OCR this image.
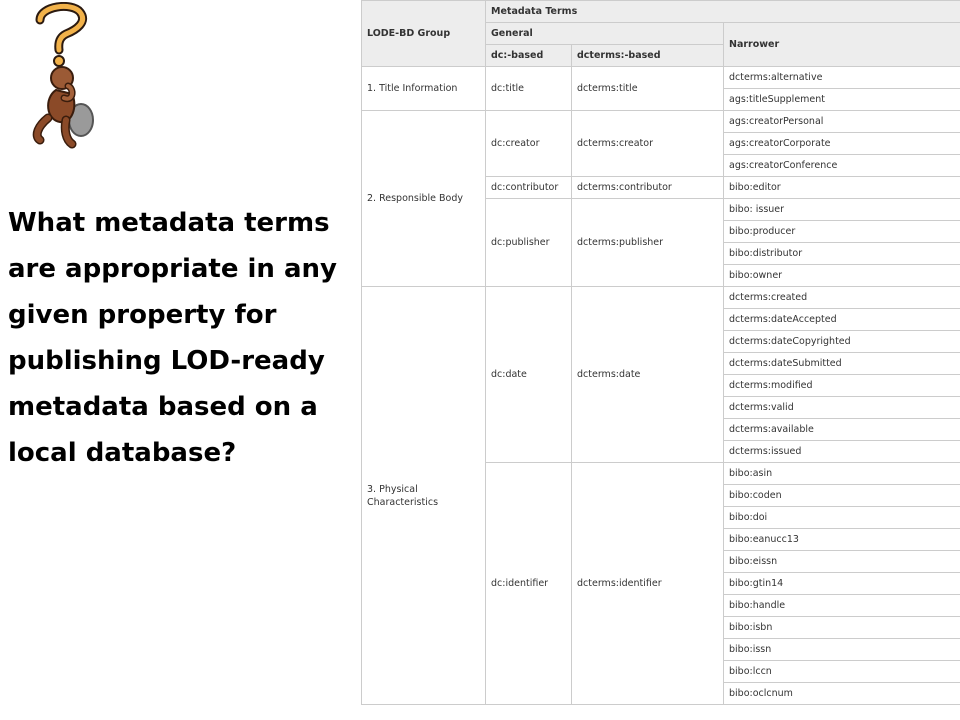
What metadata terms are appropriate in any given property for publishing LOD-ready metadata based on a local database?

LODE-BD Group	Metadata Terms		
	General		Narrower
	dc:-based	dcterms:-based	
1. Title Information	dc:title	dcterms:title	dcterms:alternative
			ags:titleSupplement
2. Responsible Body	dc:creator	dcterms:creator	ags:creatorPersonal
			ags:creatorCorporate
			ags:creatorConference
	dc:contributor	dcterms:contributor	bibo:editor
	dc:publisher	dcterms:publisher	bibo: issuer
			bibo:producer
			bibo:distributor
			bibo:owner
3. Physical Characteristics	dc:date	dcterms:date	dcterms:created
			dcterms:dateAccepted
			dcterms:dateCopyrighted
			dcterms:dateSubmitted
			dcterms:modified
			dcterms:valid
			dcterms:available
			dcterms:issued
	dc:identifier	dcterms:identifier	bibo:asin
			bibo:coden
			bibo:doi
			bibo:eanucc13
			bibo:eissn
			bibo:gtin14
			bibo:handle
			bibo:isbn
			bibo:issn
			bibo:lccn
			bibo:oclcnum
